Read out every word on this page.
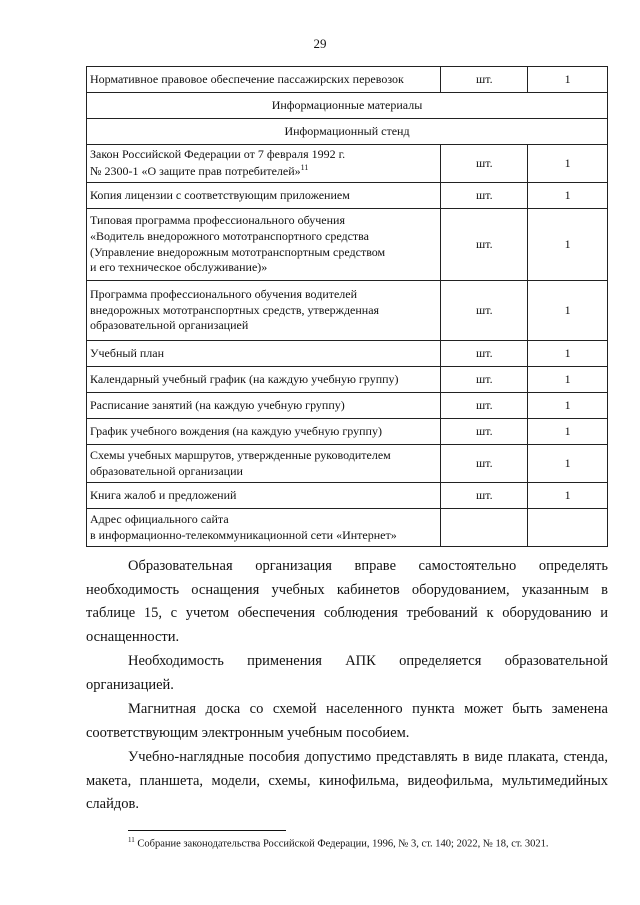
29
Нормативное правовое обеспечение пассажирских перевозок	шт.	1
Информационные материалы		
Информационный стенд		
Закон Российской Федерации от 7 февраля 1992 г.
№ 2300-1 «О защите прав потребителей»$^{11}$	шт.	1
Копия лицензии с соответствующим приложением	шт.	1
Типовая программа профессионального обучения
«Водитель внедорожного мототранспортного средства
(Управление внедорожным мототранспортным средством
и его техническое обслуживание)»	шт.	1
Программа профессионального обучения водителей
внедорожных мототранспортных средств, утвержденная
образовательной организацией	шт.	1
Учебный план	шт.	1
Календарный учебный график (на каждую учебную группу)	шт.	1
Расписание занятий (на каждую учебную группу)	шт.	1
График учебного вождения (на каждую учебную группу)	шт.	1
Схемы учебных маршрутов, утвержденные руководителем
образовательной организации	шт.	1
Книга жалоб и предложений	шт.	1
Адрес официального сайта
в информационно-телекоммуникационной сети «Интернет»		

Образовательная организация вправе самостоятельно определять необходимость оснащения учебных кабинетов оборудованием, указанным в таблице 15, с учетом обеспечения соблюдения требований к оборудованию и оснащенности.

Необходимость применения АПК определяется образовательной организацией.

Магнитная доска со схемой населенного пункта может быть заменена соответствующим электронным учебным пособием.

Учебно-наглядные пособия допустимо представлять в виде плаката, стенда, макета, планшета, модели, схемы, кинофильма, видеофильма, мультимедийных слайдов.

$^{11}$ Собрание законодательства Российской Федерации, 1996, № 3, ст. 140; 2022, № 18, ст. 3021.
